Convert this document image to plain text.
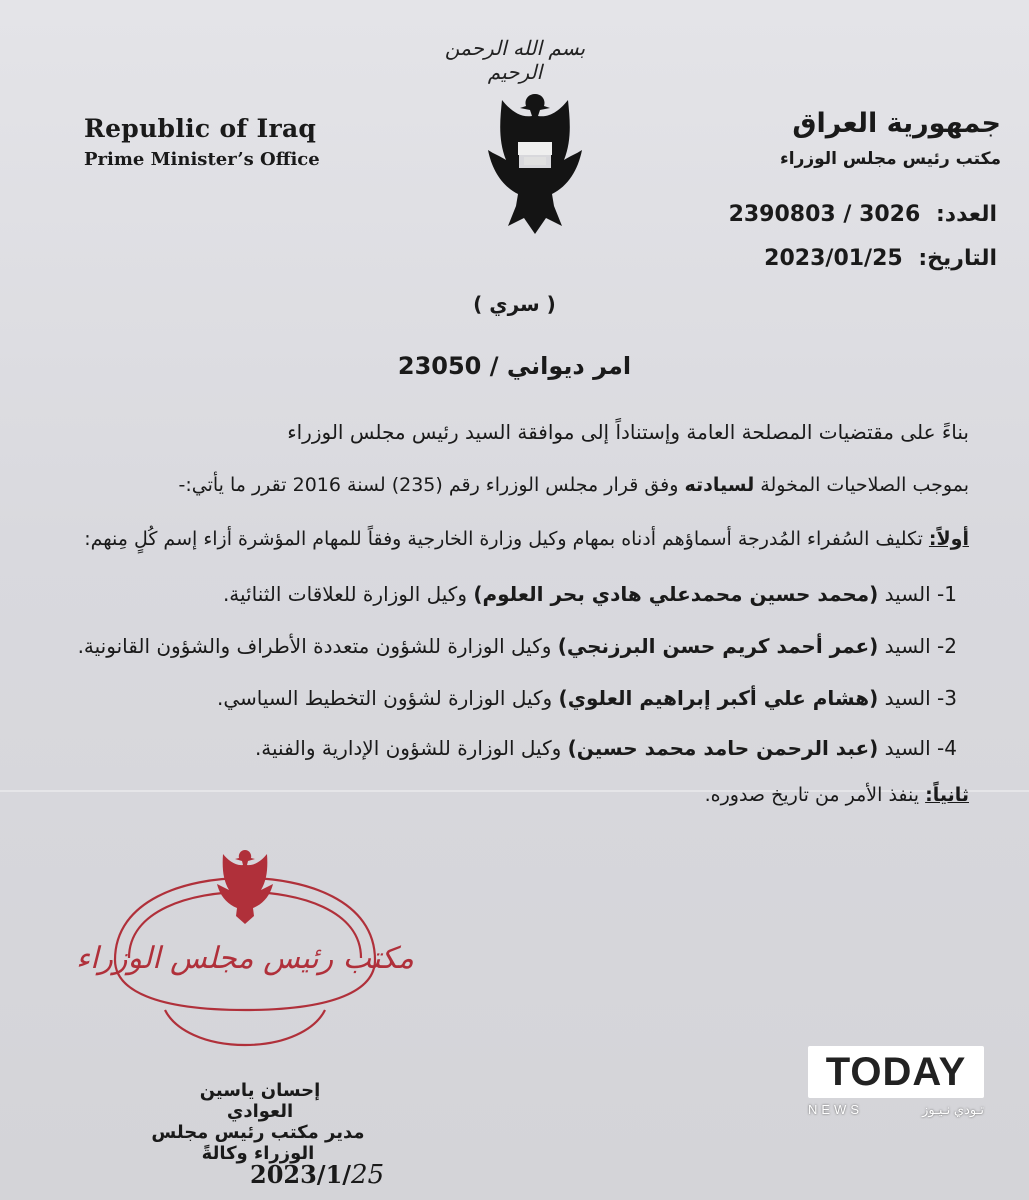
بسم الله الرحمن الرحيم
Republic of Iraq
Prime Minister’s Office
جمهورية العراق
مكتب رئيس مجلس الوزراء
العدد: 2390803 / 3026
التاريخ: 2023/01/25
( سري )
امر ديواني / 23050
بناءً على مقتضيات المصلحة العامة وإستناداً إلى موافقة السيد رئيس مجلس الوزراء
بموجب الصلاحيات المخولة لسيادته وفق قرار مجلس الوزراء رقم (235) لسنة 2016 تقرر ما يأتي:-
أولاً: تكليف السُفراء المُدرجة أسماؤهم أدناه بمهام وكيل وزارة الخارجية وفقاً للمهام المؤشرة أزاء إسم كُلٍ مِنهم:
1- السيد (محمد حسين محمدعلي هادي بحر العلوم) وكيل الوزارة للعلاقات الثنائية.
2- السيد (عمر أحمد كريم حسن البرزنجي) وكيل الوزارة للشؤون متعددة الأطراف والشؤون القانونية.
3- السيد (هشام علي أكبر إبراهيم العلوي) وكيل الوزارة لشؤون التخطيط السياسي.
4- السيد (عبد الرحمن حامد محمد حسين) وكيل الوزارة للشؤون الإدارية والفنية.
ثانياً: ينفذ الأمر من تاريخ صدوره.
مكتب رئيس مجلس الوزراء
إحسان ياسين العوادي
مدير مكتب رئيس مجلس الوزراء وكالةً
2023/1/25
TODAY
NEWS	تـودي نـيـوز
